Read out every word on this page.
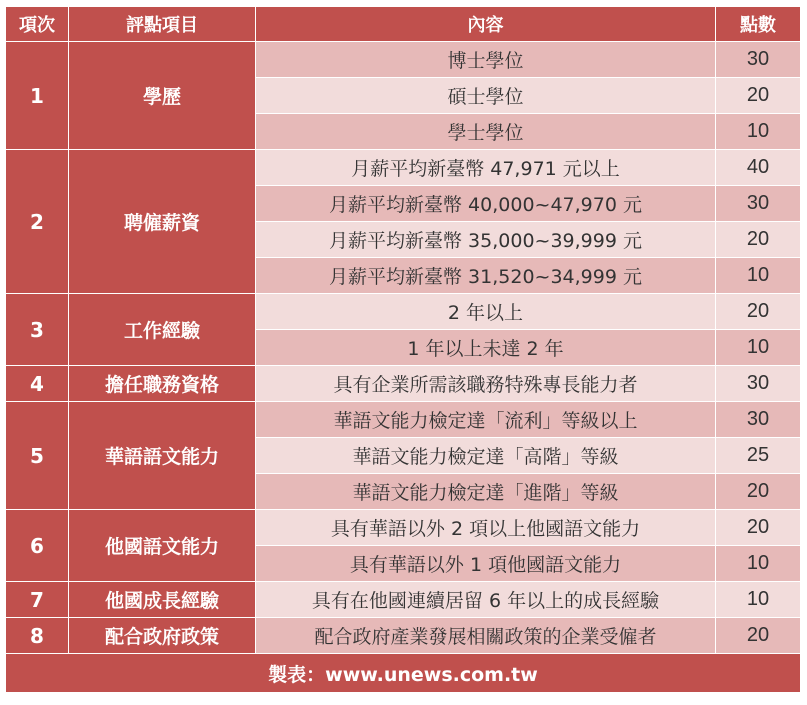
項次	評點項目	內容	點數
1	學歷	博士學位	30
		碩士學位	20
		學士學位	10
2	聘僱薪資	月薪平均新臺幣 47,971 元以上	40
		月薪平均新臺幣 40,000~47,970 元	30
		月薪平均新臺幣 35,000~39,999 元	20
		月薪平均新臺幣 31,520~34,999 元	10
3	工作經驗	2 年以上	20
		1 年以上未達 2 年	10
4	擔任職務資格	具有企業所需該職務特殊專長能力者	30
5	華語語文能力	華語文能力檢定達「流利」等級以上	30
		華語文能力檢定達「高階」等級	25
		華語文能力檢定達「進階」等級	20
6	他國語文能力	具有華語以外 2 項以上他國語文能力	20
		具有華語以外 1 項他國語文能力	10
7	他國成長經驗	具有在他國連續居留 6 年以上的成長經驗	10
8	配合政府政策	配合政府產業發展相關政策的企業受僱者	20
製表：www.unews.com.tw			
